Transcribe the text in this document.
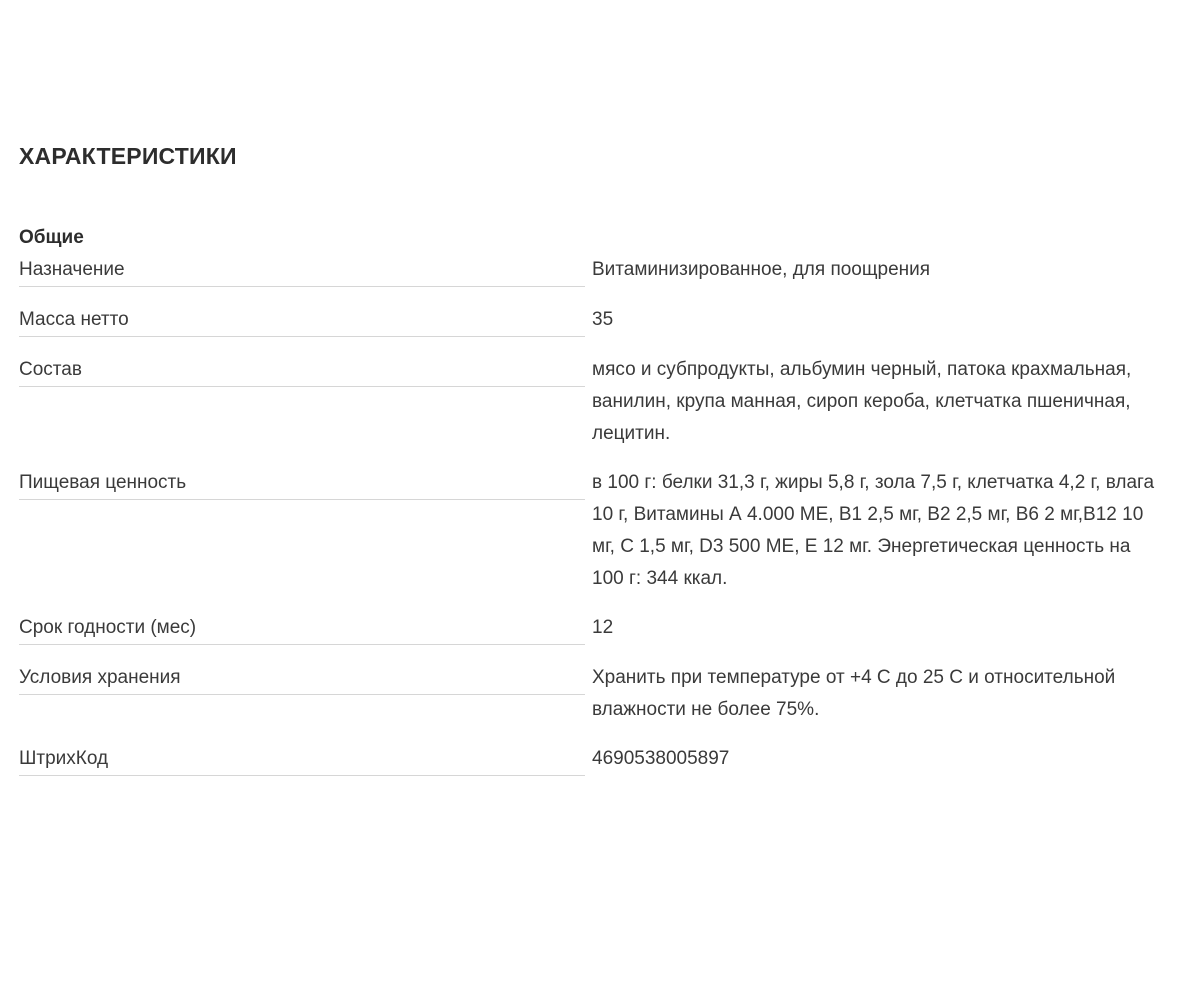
ХАРАКТЕРИСТИКИ
Общие
Назначение	Витаминизированное, для поощрения
Масса нетто	35
Состав	мясо и субпродукты, альбумин черный, патока крахмальная, ванилин, крупа манная, сироп кероба, клетчатка пшеничная, лецитин.
Пищевая ценность	в 100 г: белки 31,3 г, жиры 5,8 г, зола 7,5 г, клетчатка 4,2 г, влага 10 г, Витамины А 4.000 МЕ, В1 2,5 мг, В2 2,5 мг, В6 2 мг,В12 10 мг, С 1,5 мг, D3 500 МЕ, Е 12 мг. Энергетическая ценность на 100 г: 344 ккал.
Срок годности (мес)	12
Условия хранения	Хранить при температуре от +4 С до 25 С и относительной влажности не более 75%.
ШтрихКод	4690538005897
